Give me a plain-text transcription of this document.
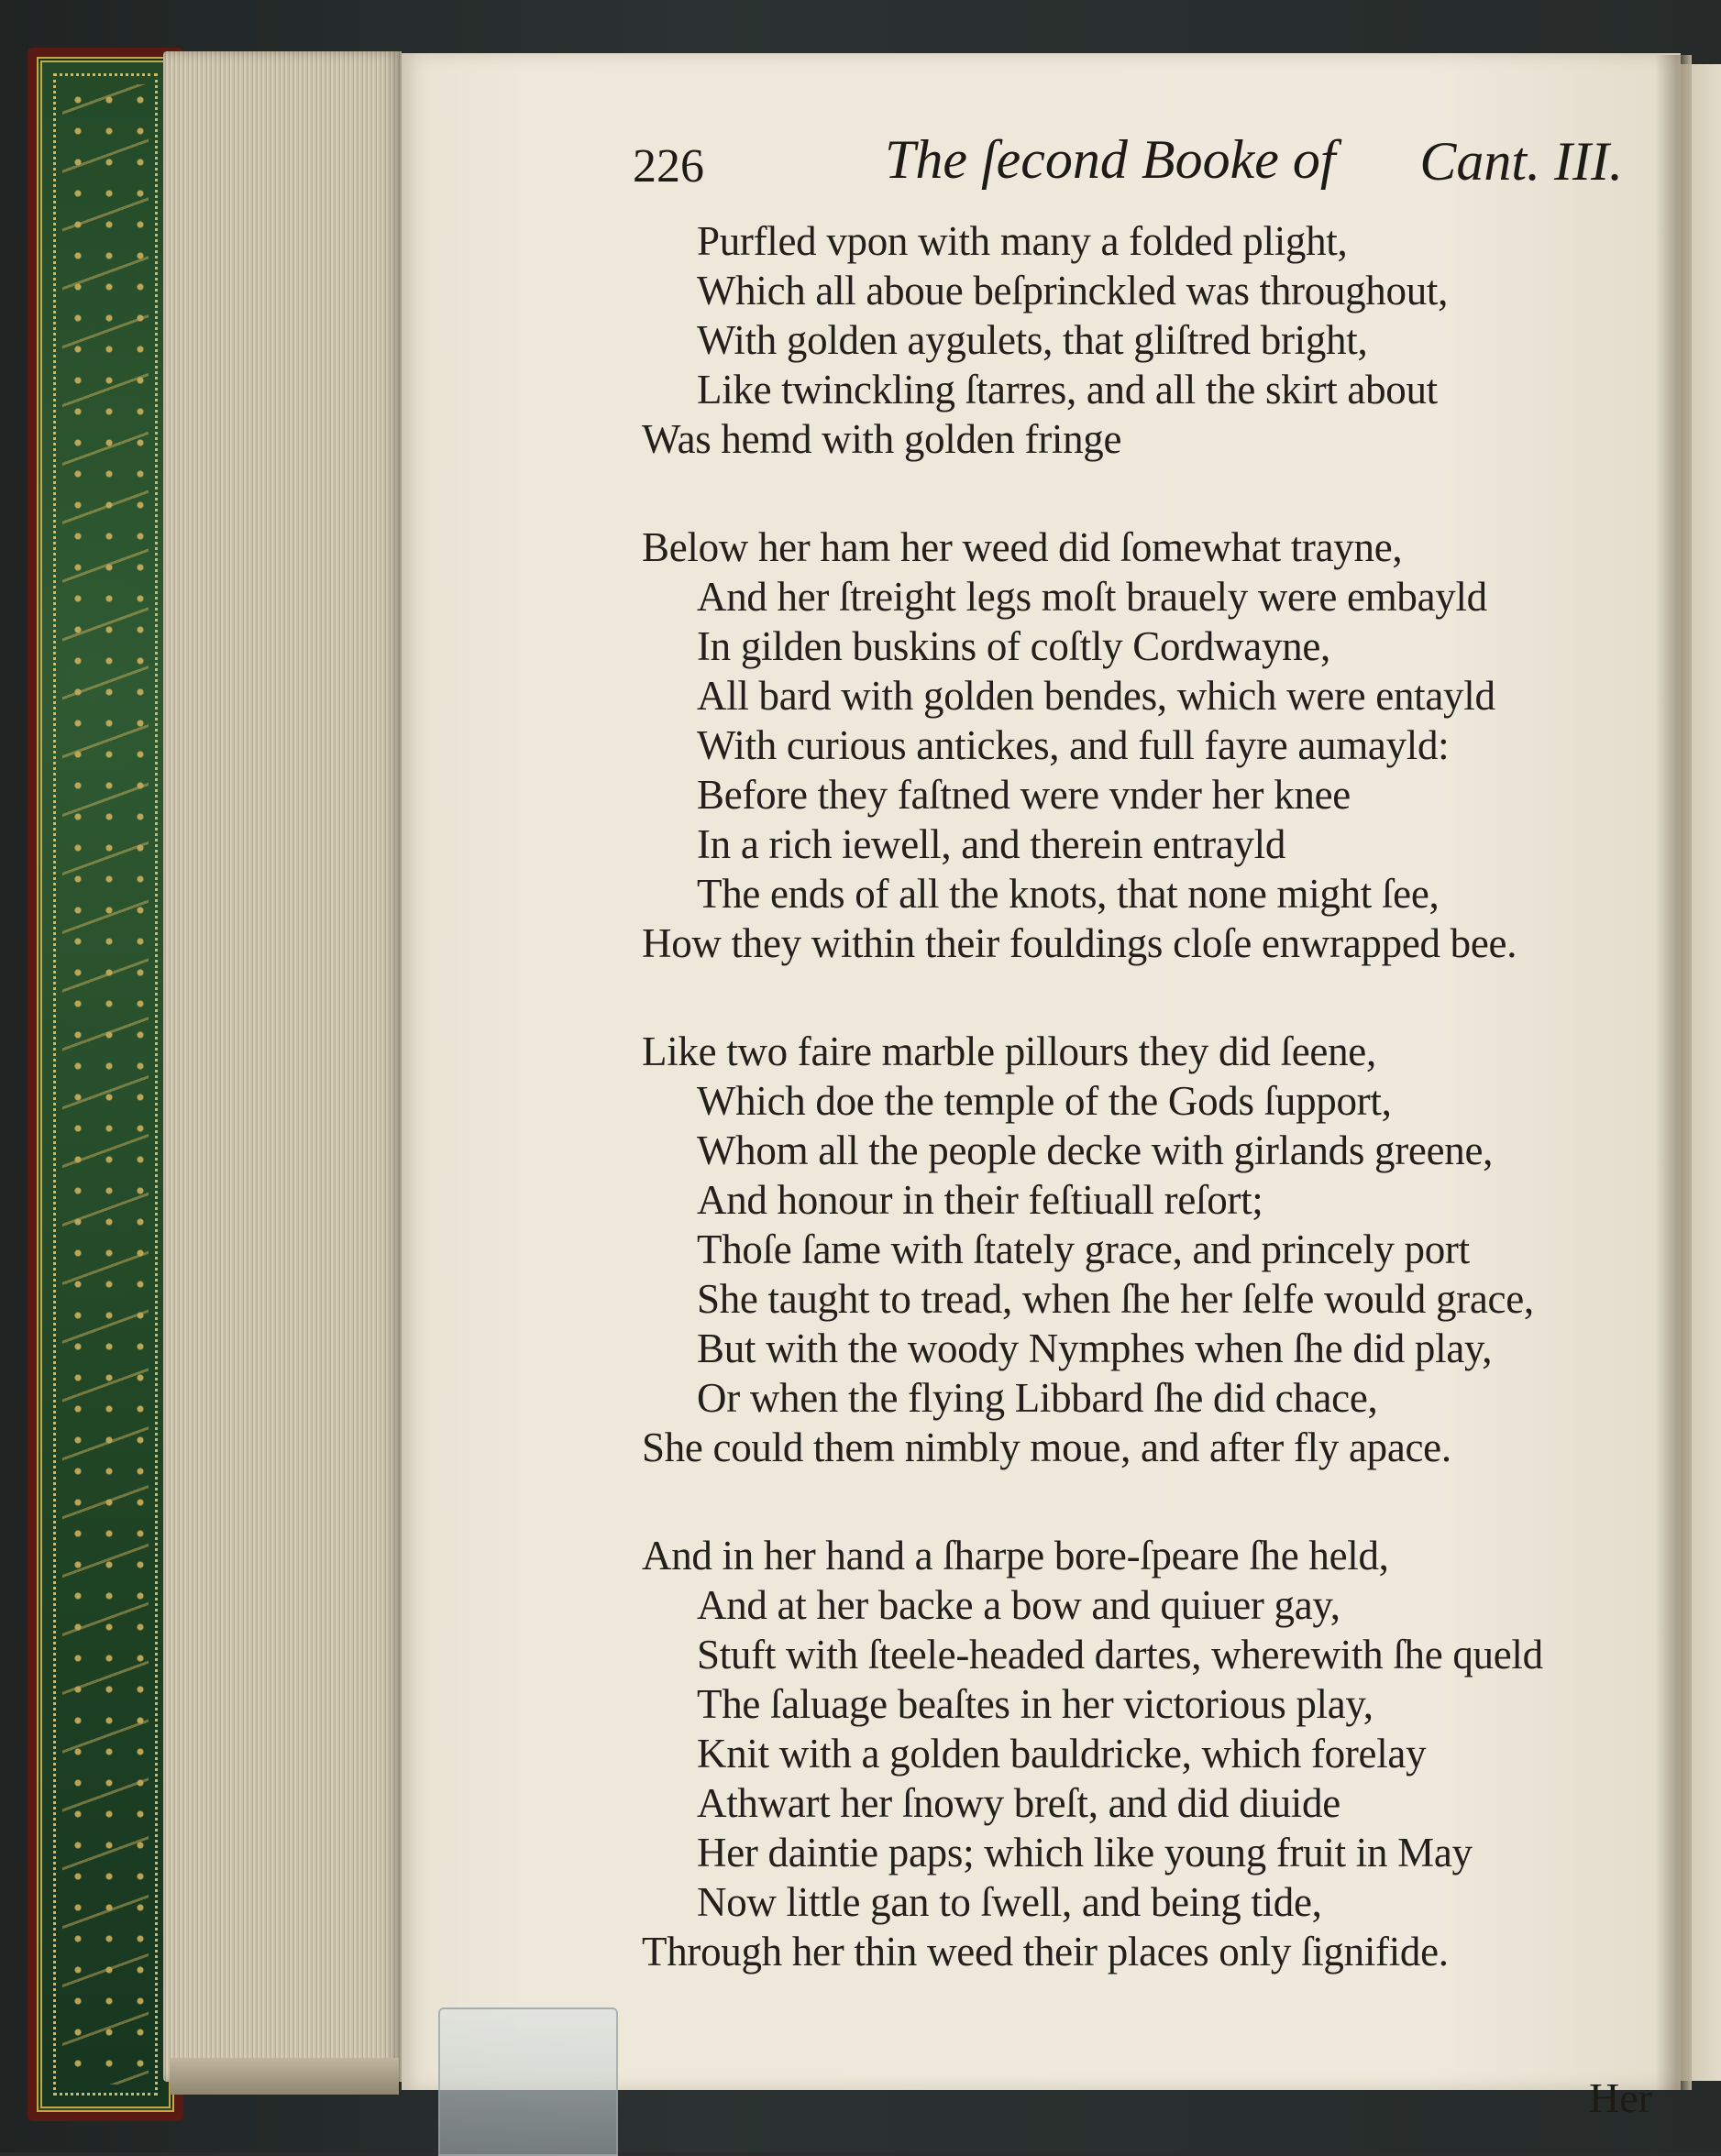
226	The ſecond Booke of Cant. III.
Purfled vpon with many a folded plight,
Which all aboue beſprinckled was throughout,
With golden aygulets, that gliſtred bright,
Like twinckling ſtarres, and all the skirt about
Was hemd with golden fringe
Below her ham her weed did ſomewhat trayne,
And her ſtreight legs moſt brauely were embayld
In gilden buskins of coſtly Cordwayne,
All bard with golden bendes, which were entayld
With curious antickes, and full fayre aumayld:
Before they faſtned were vnder her knee
In a rich iewell, and therein entrayld
The ends of all the knots, that none might ſee,
How they within their fouldings cloſe enwrapped bee.
Like two faire marble pillours they did ſeene,
Which doe the temple of the Gods ſupport,
Whom all the people decke with girlands greene,
And honour in their feſtiuall reſort;
Thoſe ſame with ſtately grace, and princely port
She taught to tread, when ſhe her ſelfe would grace,
But with the woody Nymphes when ſhe did play,
Or when the flying Libbard ſhe did chace,
She could them nimbly moue, and after fly apace.
And in her hand a ſharpe bore-ſpeare ſhe held,
And at her backe a bow and quiuer gay,
Stuft with ſteele-headed dartes, wherewith ſhe queld
The ſaluage beaſtes in her victorious play,
Knit with a golden bauldricke, which forelay
Athwart her ſnowy breſt, and did diuide
Her daintie paps; which like young fruit in May
Now little gan to ſwell, and being tide,
Through her thin weed their places only ſignifide.
Her
